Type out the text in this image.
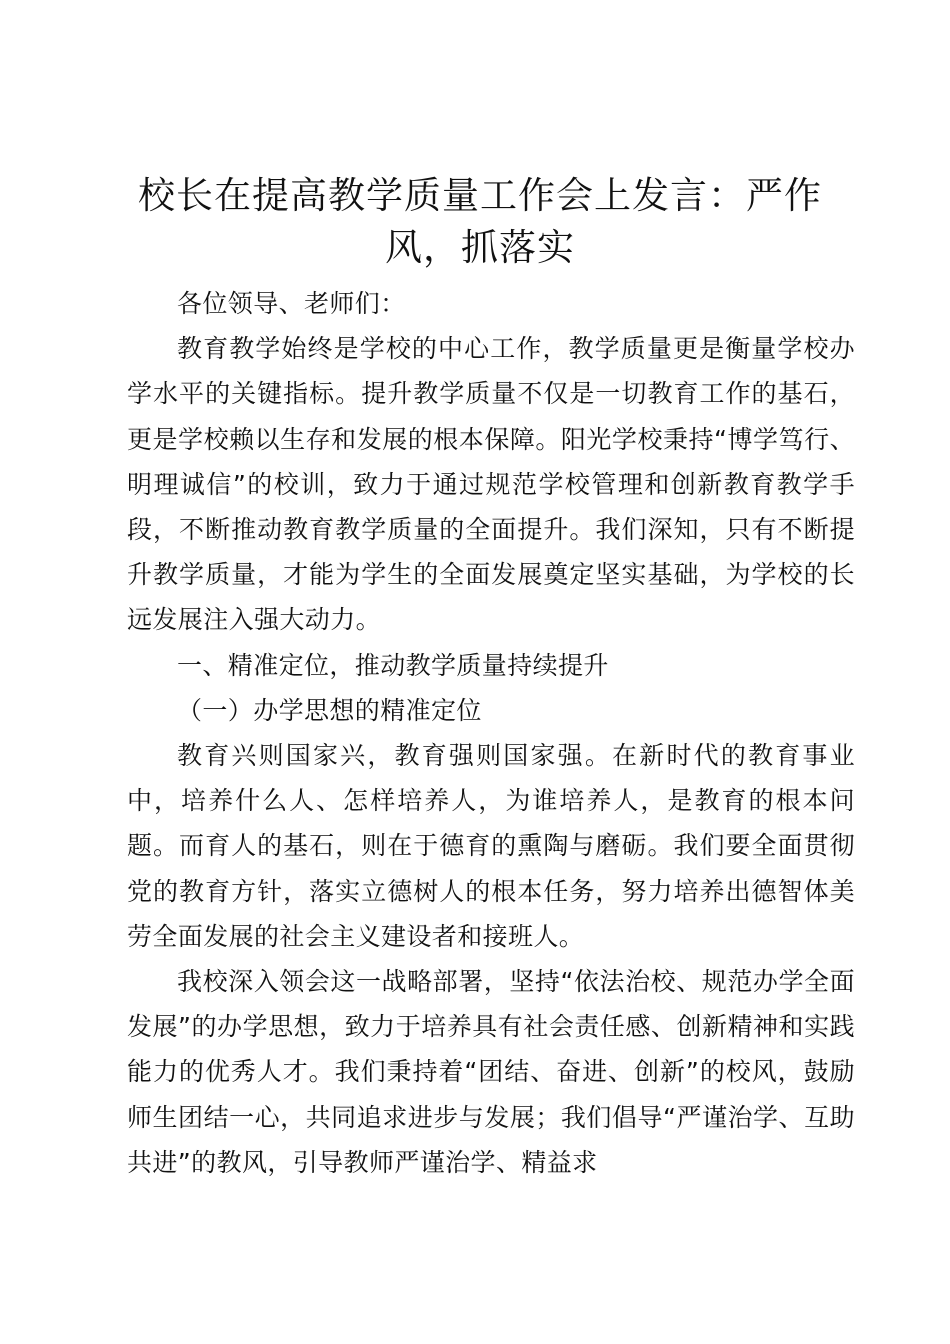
校长在提高教学质量工作会上发言：严作风，抓落实

各位领导、老师们：

教育教学始终是学校的中心工作，教学质量更是衡量学校办学水平的关键指标。提升教学质量不仅是一切教育工作的基石，更是学校赖以生存和发展的根本保障。阳光学校秉持“博学笃行、明理诚信”的校训，致力于通过规范学校管理和创新教育教学手段，不断推动教育教学质量的全面提升。我们深知，只有不断提升教学质量，才能为学生的全面发展奠定坚实基础，为学校的长远发展注入强大动力。

一、精准定位，推动教学质量持续提升

（一）办学思想的精准定位

教育兴则国家兴，教育强则国家强。在新时代的教育事业中，培养什么人、怎样培养人，为谁培养人，是教育的根本问题。而育人的基石，则在于德育的熏陶与磨砺。我们要全面贯彻党的教育方针，落实立德树人的根本任务，努力培养出德智体美劳全面发展的社会主义建设者和接班人。

我校深入领会这一战略部署，坚持“依法治校、规范办学全面发展”的办学思想，致力于培养具有社会责任感、创新精神和实践能力的优秀人才。我们秉持着“团结、奋进、创新”的校风，鼓励师生团结一心，共同追求进步与发展；我们倡导“严谨治学、互助共进”的教风，引导教师严谨治学、精益求
